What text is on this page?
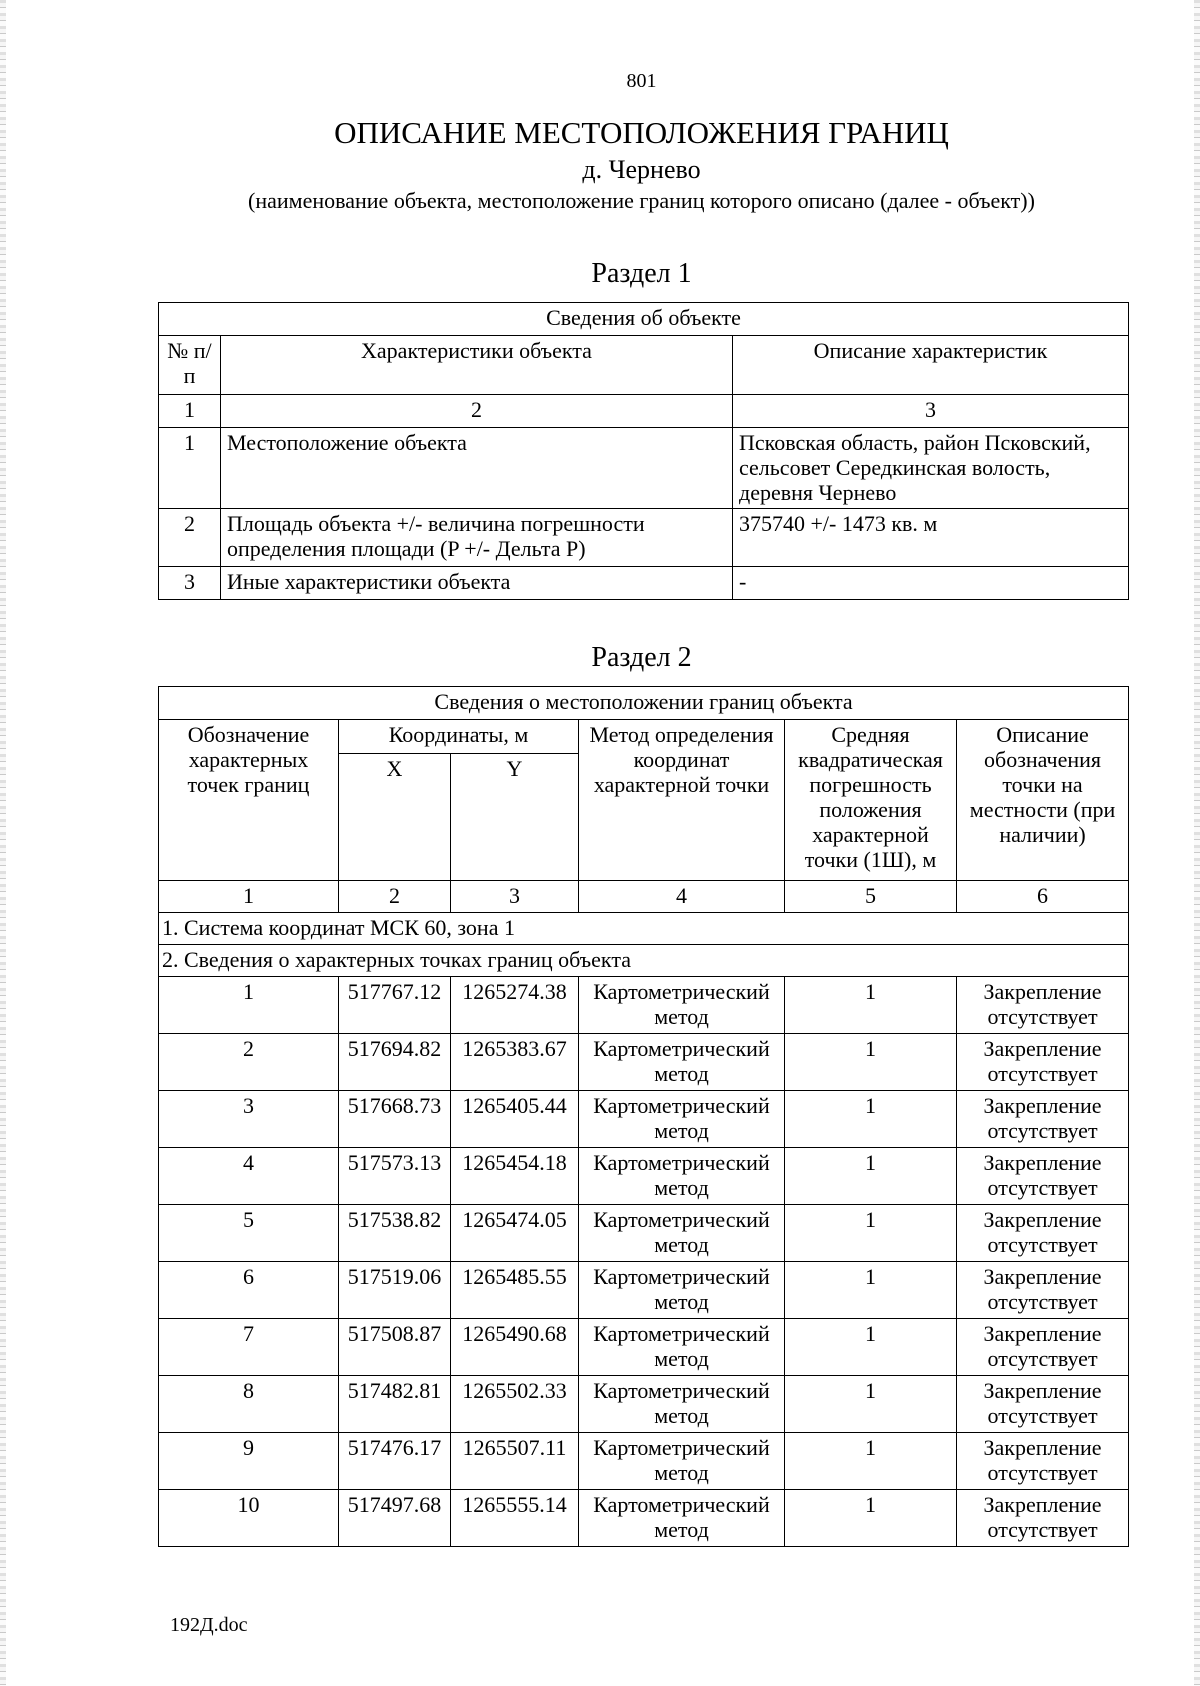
801
ОПИСАНИЕ МЕСТОПОЛОЖЕНИЯ ГРАНИЦ
д. Чернево
(наименование объекта, местоположение границ которого описано (далее - объект))
Раздел 1
Сведения об объекте		
№ п/п	Характеристики объекта	Описание характеристик
1	2	3
1	Местоположение объекта	Псковская область, район Псковский, сельсовет Середкинская волость, деревня Чернево
2	Площадь объекта +/- величина погрешности определения площади (P +/- Дельта P)	375740 +/- 1473 кв. м
3	Иные характеристики объекта	-
Раздел 2
Сведения о местоположении границ объекта					
Обозначение характерных точек границ	Координаты, м		Метод определения координат характерной точки	Средняя квадратическая погрешность положения характерной точки (1Ш), м	Описание обозначения точки на местности (при наличии)
	X	Y			
1	2	3	4	5	6
1. Система координат МСК 60, зона 1					
2. Сведения о характерных точках границ объекта					
1	517767.12	1265274.38	Картометрический метод	1	Закрепление отсутствует
2	517694.82	1265383.67	Картометрический метод	1	Закрепление отсутствует
3	517668.73	1265405.44	Картометрический метод	1	Закрепление отсутствует
4	517573.13	1265454.18	Картометрический метод	1	Закрепление отсутствует
5	517538.82	1265474.05	Картометрический метод	1	Закрепление отсутствует
6	517519.06	1265485.55	Картометрический метод	1	Закрепление отсутствует
7	517508.87	1265490.68	Картометрический метод	1	Закрепление отсутствует
8	517482.81	1265502.33	Картометрический метод	1	Закрепление отсутствует
9	517476.17	1265507.11	Картометрический метод	1	Закрепление отсутствует
10	517497.68	1265555.14	Картометрический метод	1	Закрепление отсутствует
192Д.doc
